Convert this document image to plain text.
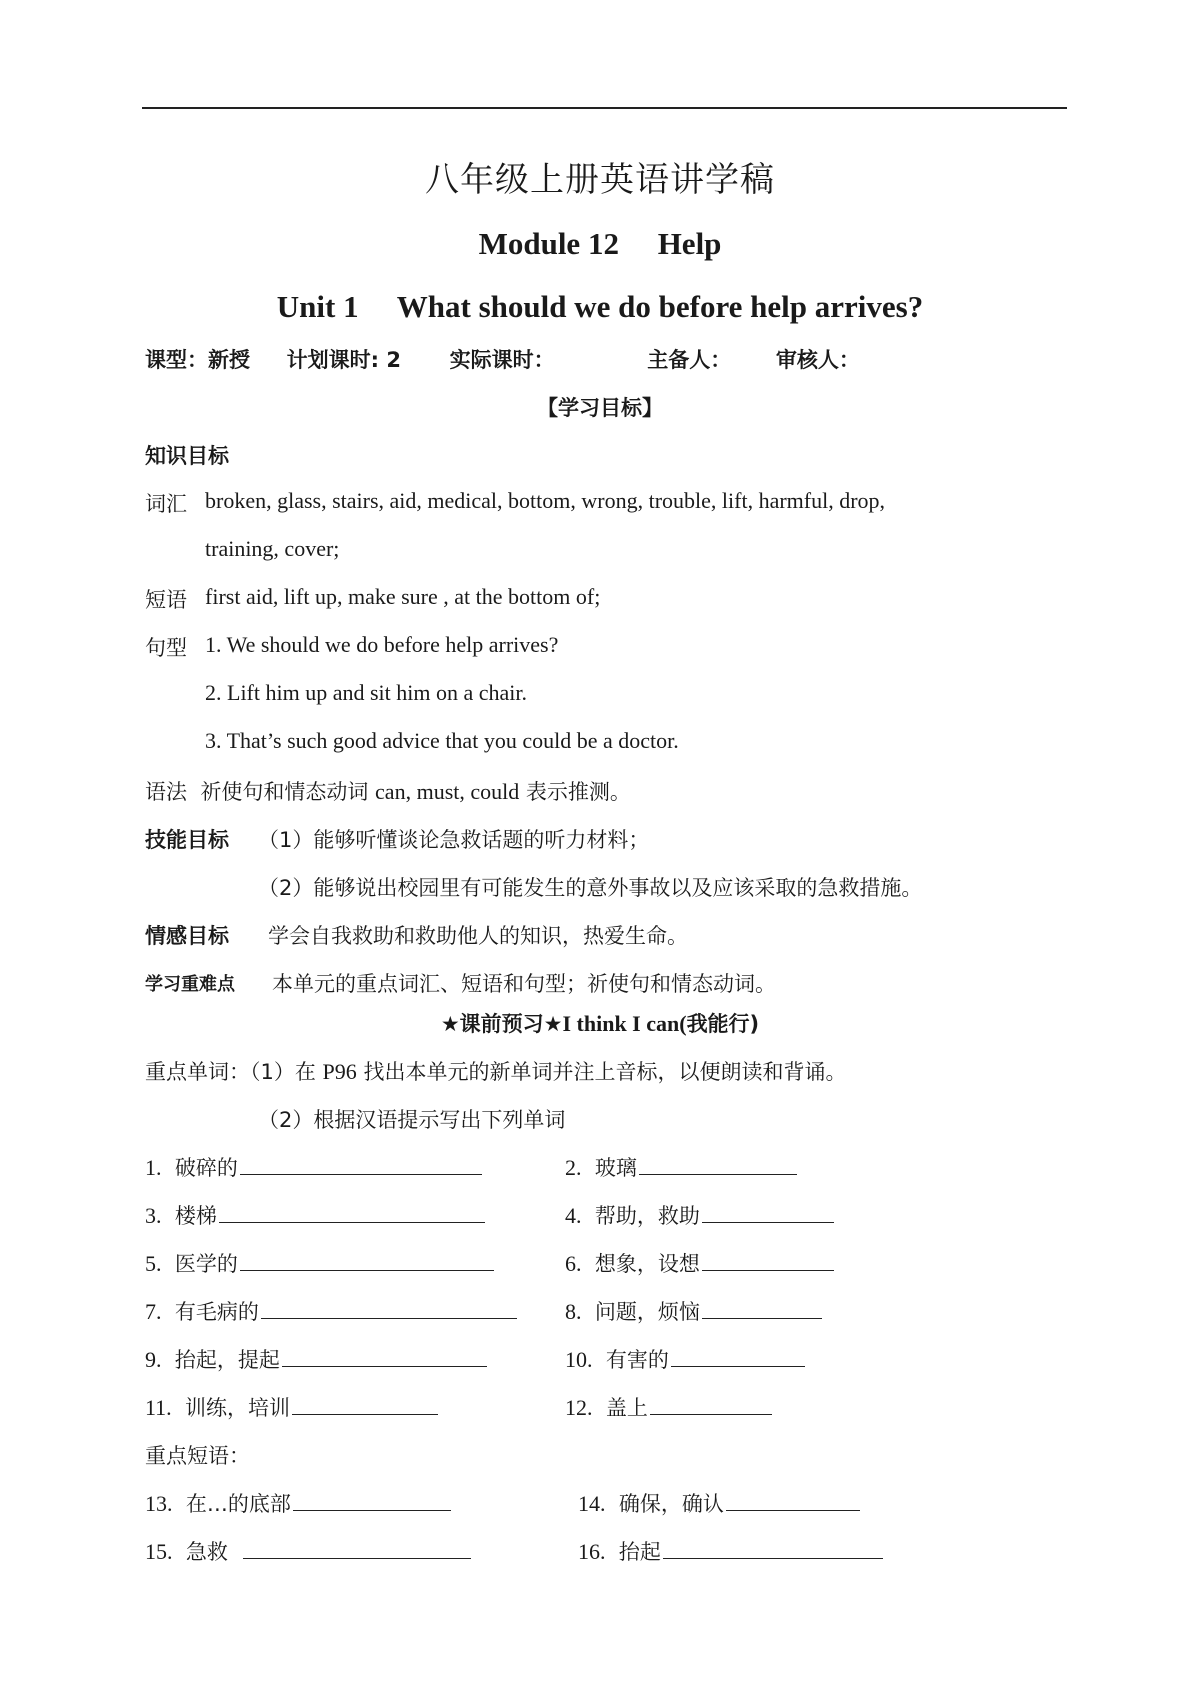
八年级上册英语讲学稿
Module 12　 Help
Unit 1　 What should we do before help arrives?
课型：新授 计划课时: 2 实际课时：	主备人： 审核人：
【学习目标】
知识目标
词汇 broken, glass, stairs, aid, medical, bottom, wrong, trouble, lift, harmful, drop,
training, cover;
短语 first aid, lift up, make sure , at the bottom of;
句型 1. We should we do before help arrives?
2. Lift him up and sit him on a chair.
3. That’s such good advice that you could be a doctor.
语法 祈使句和情态动词 can, must, could 表示推测。
技能目标 （1）能够听懂谈论急救话题的听力材料；
（2）能够说出校园里有可能发生的意外事故以及应该采取的急救措施。
情感目标 学会自我救助和救助他人的知识，热爱生命。
学习重难点 本单元的重点词汇、短语和句型；祈使句和情态动词。
★课前预习★I think I can(我能行)
重点单词：（1）在 P96 找出本单元的新单词并注上音标，以便朗读和背诵。
（2）根据汉语提示写出下列单词
1. 破碎的	2. 玻璃
3. 楼梯	4. 帮助，救助
5. 医学的	6. 想象，设想
7. 有毛病的	8. 问题，烦恼
9. 抬起，提起	10. 有害的
11. 训练，培训	12. 盖上
重点短语：
13. 在…的底部	14. 确保，确认
15. 急救	16. 抬起
